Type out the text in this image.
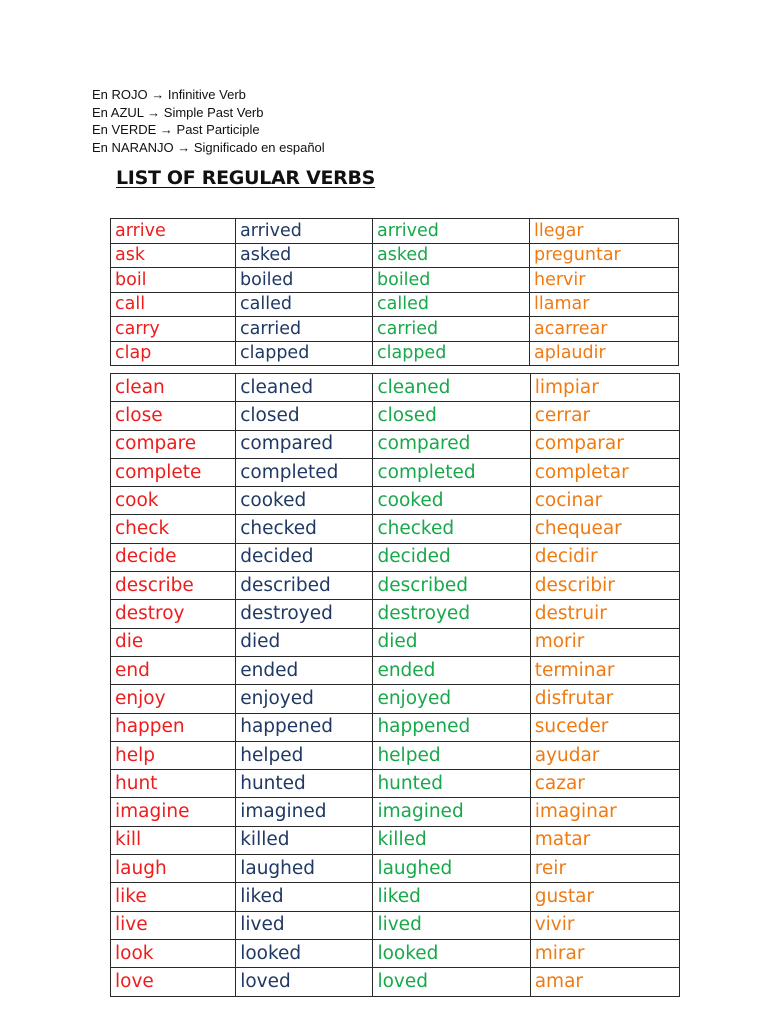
En ROJO → Infinitive Verb
En AZUL → Simple Past Verb
En VERDE → Past Participle
En NARANJO → Significado en español
LIST OF REGULAR VERBS
arrive	arrived	arrived	llegar
ask	asked	asked	preguntar
boil	boiled	boiled	hervir
call	called	called	llamar
carry	carried	carried	acarrear
clap	clapped	clapped	aplaudir
clean	cleaned	cleaned	limpiar
close	closed	closed	cerrar
compare	compared	compared	comparar
complete	completed	completed	completar
cook	cooked	cooked	cocinar
check	checked	checked	chequear
decide	decided	decided	decidir
describe	described	described	describir
destroy	destroyed	destroyed	destruir
die	died	died	morir
end	ended	ended	terminar
enjoy	enjoyed	enjoyed	disfrutar
happen	happened	happened	suceder
help	helped	helped	ayudar
hunt	hunted	hunted	cazar
imagine	imagined	imagined	imaginar
kill	killed	killed	matar
laugh	laughed	laughed	reir
like	liked	liked	gustar
live	lived	lived	vivir
look	looked	looked	mirar
love	loved	loved	amar
